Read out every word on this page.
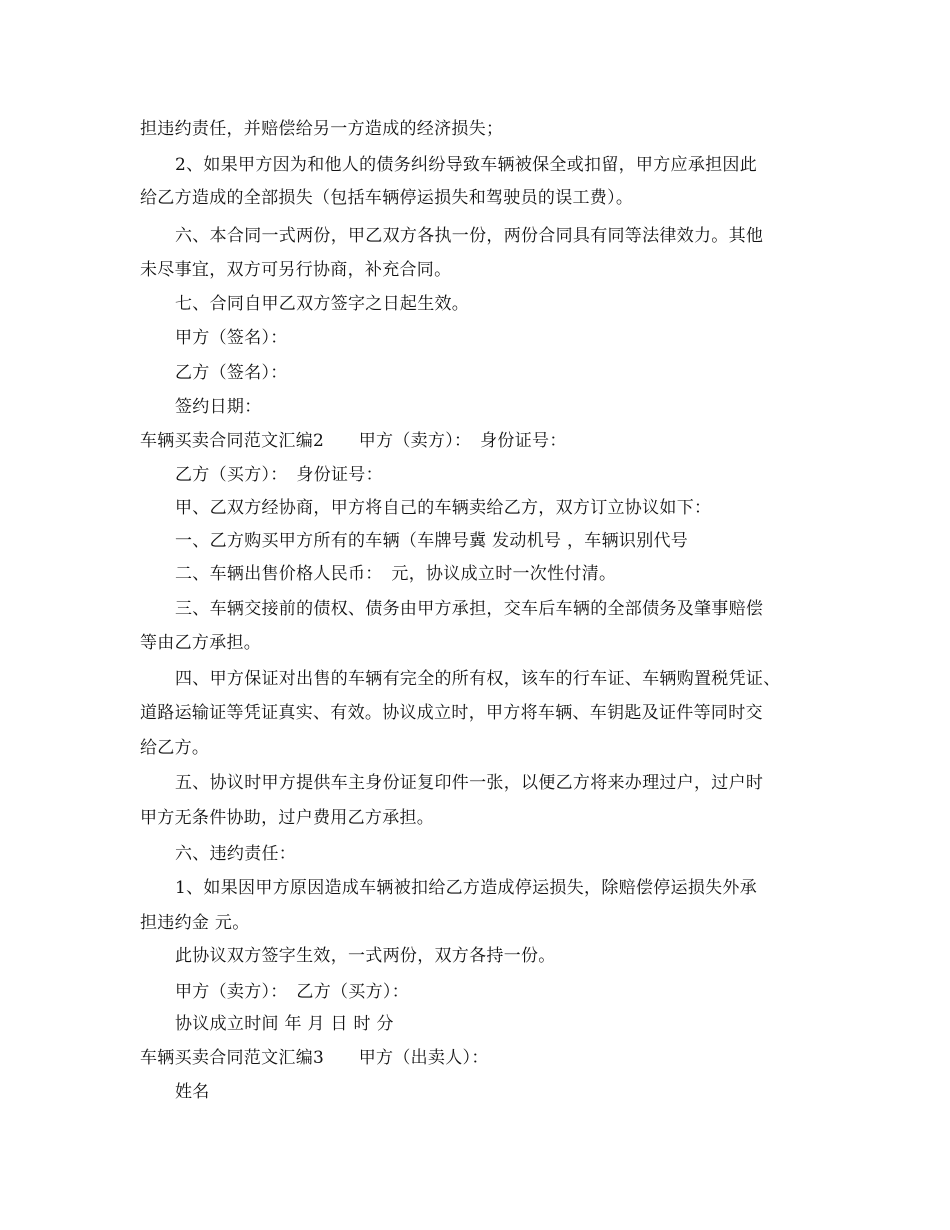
担违约责任，并赔偿给另一方造成的经济损失；
2、如果甲方因为和他人的债务纠纷导致车辆被保全或扣留，甲方应承担因此
给乙方造成的全部损失（包括车辆停运损失和驾驶员的误工费）。
六、本合同一式两份，甲乙双方各执一份，两份合同具有同等法律效力。其他
未尽事宜，双方可另行协商，补充合同。
七、合同自甲乙双方签字之日起生效。
甲方（签名）：
乙方（签名）：
签约日期：
车辆买卖合同范文汇编2　　甲方（卖方）：　身份证号：
乙方（买方）：　身份证号：
甲、乙双方经协商，甲方将自己的车辆卖给乙方，双方订立协议如下：
一、乙方购买甲方所有的车辆（车牌号冀 发动机号 ，车辆识别代号
二、车辆出售价格人民币：　元，协议成立时一次性付清。
三、车辆交接前的债权、债务由甲方承担，交车后车辆的全部债务及肇事赔偿
等由乙方承担。
四、甲方保证对出售的车辆有完全的所有权，该车的行车证、车辆购置税凭证、
道路运输证等凭证真实、有效。协议成立时，甲方将车辆、车钥匙及证件等同时交
给乙方。
五、协议时甲方提供车主身份证复印件一张，以便乙方将来办理过户，过户时
甲方无条件协助，过户费用乙方承担。
六、违约责任：
1、如果因甲方原因造成车辆被扣给乙方造成停运损失，除赔偿停运损失外承
担违约金 元。
此协议双方签字生效，一式两份，双方各持一份。
甲方（卖方）：　乙方（买方）：
协议成立时间 年 月 日 时 分
车辆买卖合同范文汇编3　　甲方（出卖人）：
姓名
